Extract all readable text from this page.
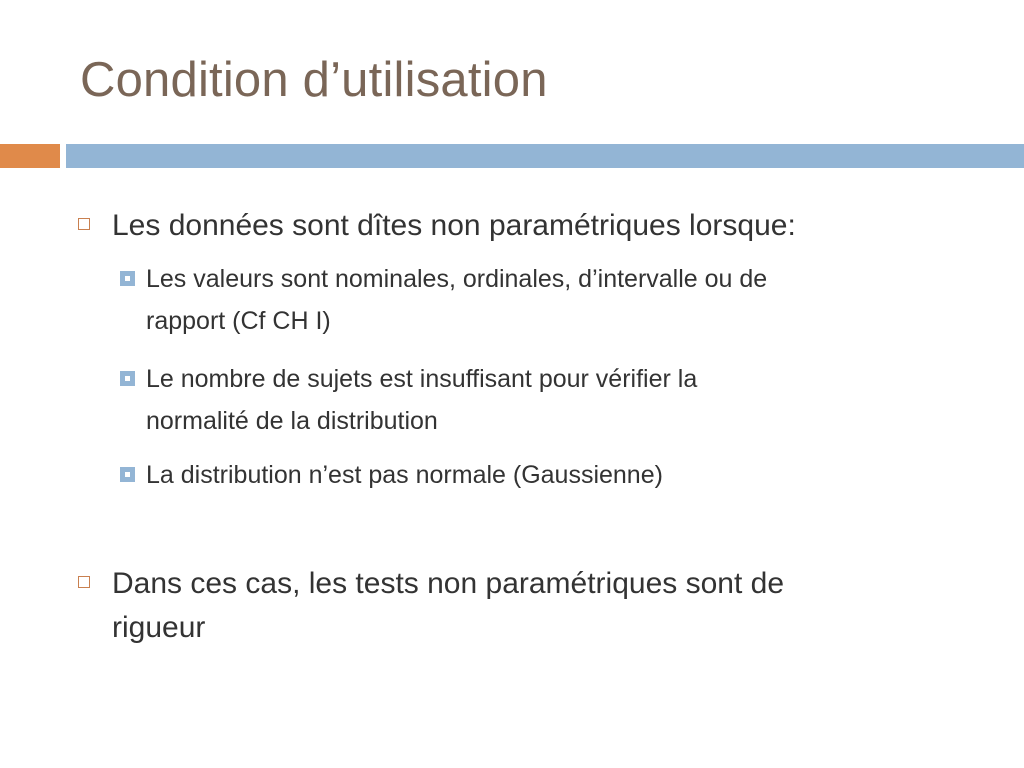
Condition d’utilisation
Les données sont dîtes non paramétriques lorsque:
Les valeurs sont nominales, ordinales, d’intervalle ou de
rapport (Cf CH I)
Le nombre de sujets est insuffisant pour vérifier la
normalité de la distribution
La distribution n’est pas normale (Gaussienne)
Dans ces cas, les tests non paramétriques sont de
rigueur
